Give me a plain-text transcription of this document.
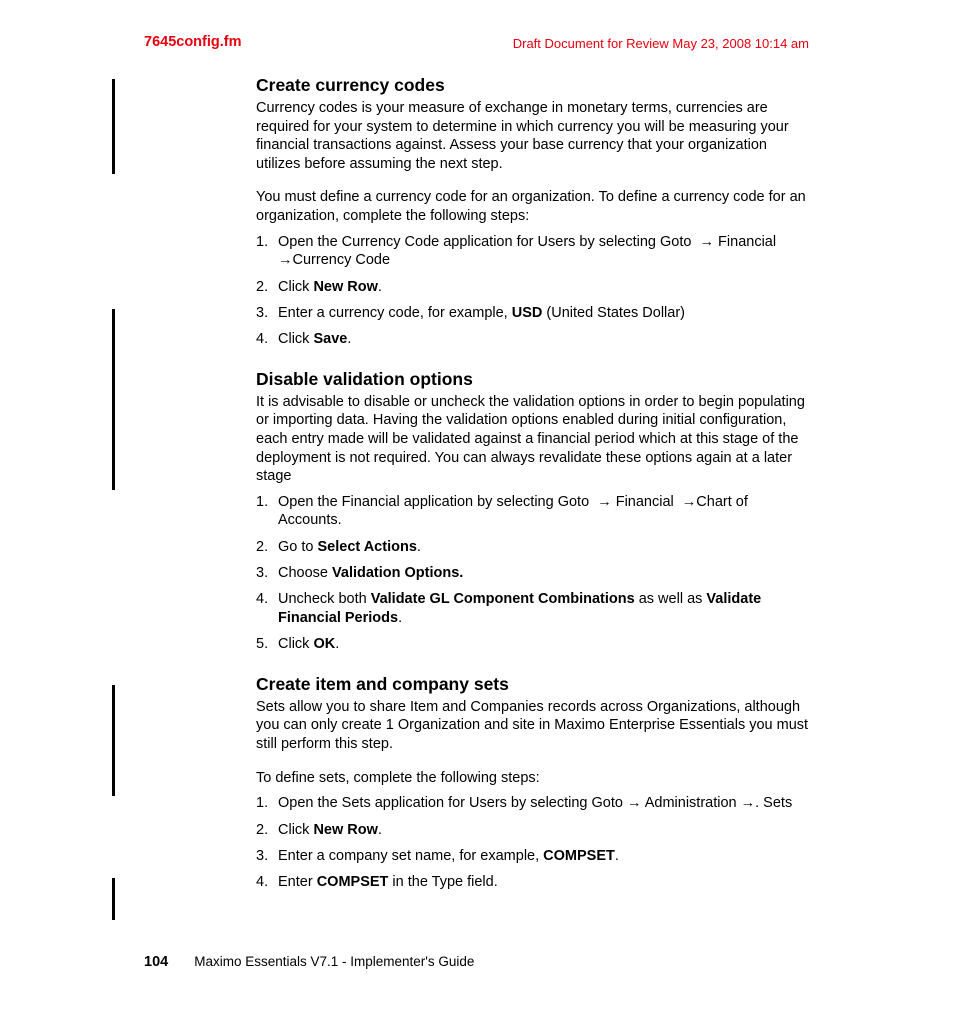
7645config.fm	Draft Document for Review May 23, 2008 10:14 am
Create currency codes

Currency codes is your measure of exchange in monetary terms, currencies are required for your system to determine in which currency you will be measuring your financial transactions against. Assess your base currency that your organization utilizes before assuming the next step.

You must define a currency code for an organization. To define a currency code for an organization, complete the following steps:

1. Open the Currency Code application for Users by selecting Goto  → Financial →Currency Code
2. Click New Row.
3. Enter a currency code, for example, USD (United States Dollar)
4. Click Save.
Disable validation options

It is advisable to disable or uncheck the validation options in order to begin populating or importing data. Having the validation options enabled during initial configuration, each entry made will be validated against a financial period which at this stage of the deployment is not required. You can always revalidate these options again at a later stage

1. Open the Financial application by selecting Goto  → Financial  →Chart of Accounts.
2. Go to Select Actions.
3. Choose Validation Options.
4. Uncheck both Validate GL Component Combinations as well as Validate Financial Periods.
5. Click OK.
Create item and company sets

Sets allow you to share Item and Companies records across Organizations, although you can only create 1 Organization and site in Maximo Enterprise Essentials you must still perform this step.

To define sets, complete the following steps:

1. Open the Sets application for Users by selecting Goto → Administration →. Sets
2. Click New Row.
3. Enter a company set name, for example, COMPSET.
4. Enter COMPSET in the Type field.
104 Maximo Essentials V7.1 - Implementer's Guide
